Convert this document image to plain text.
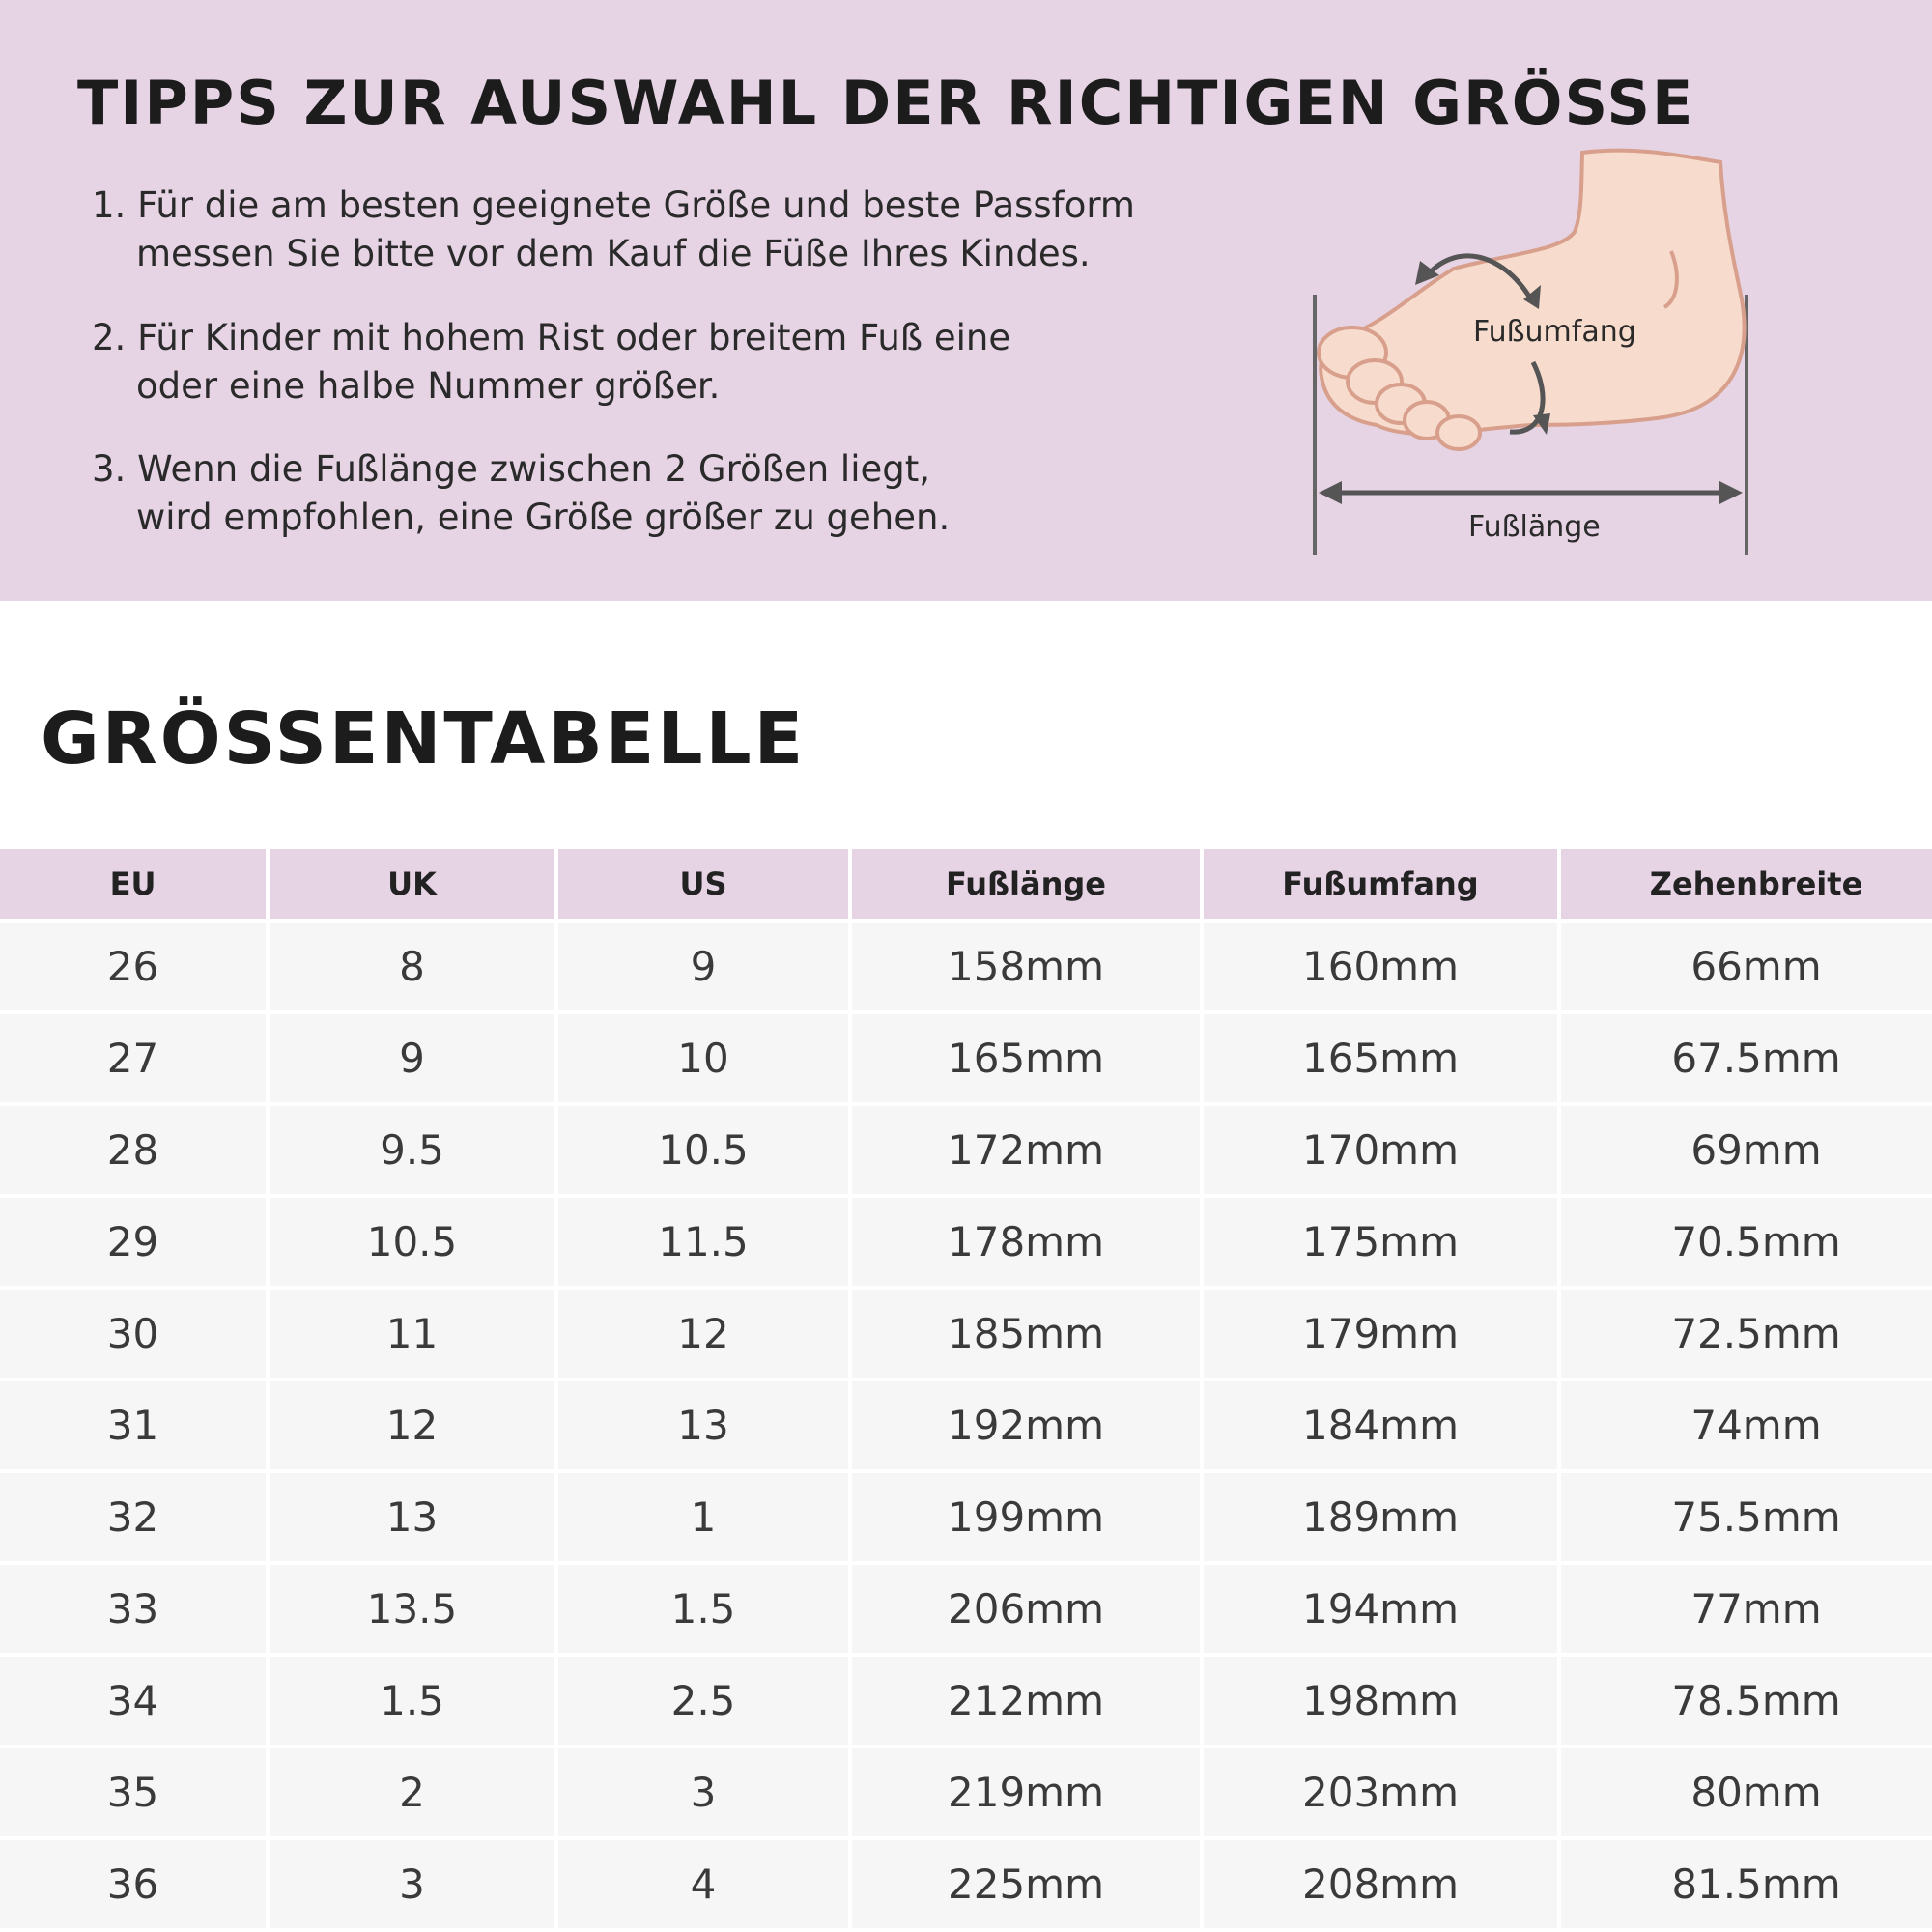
TIPPS ZUR AUSWAHL DER RICHTIGEN GRÖSSE
1. Für die am besten geeignete Größe und beste Passform
messen Sie bitte vor dem Kauf die Füße Ihres Kindes.
2. Für Kinder mit hohem Rist oder breitem Fuß eine
oder eine halbe Nummer größer.
3. Wenn die Fußlänge zwischen 2 Größen liegt,
wird empfohlen, eine Größe größer zu gehen.
Fußumfang
Fußlänge
GRÖSSENTABELLE
EU	UK	US	Fußlänge	Fußumfang	Zehenbreite
26	8	9	158mm	160mm	66mm
27	9	10	165mm	165mm	67.5mm
28	9.5	10.5	172mm	170mm	69mm
29	10.5	11.5	178mm	175mm	70.5mm
30	11	12	185mm	179mm	72.5mm
31	12	13	192mm	184mm	74mm
32	13	1	199mm	189mm	75.5mm
33	13.5	1.5	206mm	194mm	77mm
34	1.5	2.5	212mm	198mm	78.5mm
35	2	3	219mm	203mm	80mm
36	3	4	225mm	208mm	81.5mm
